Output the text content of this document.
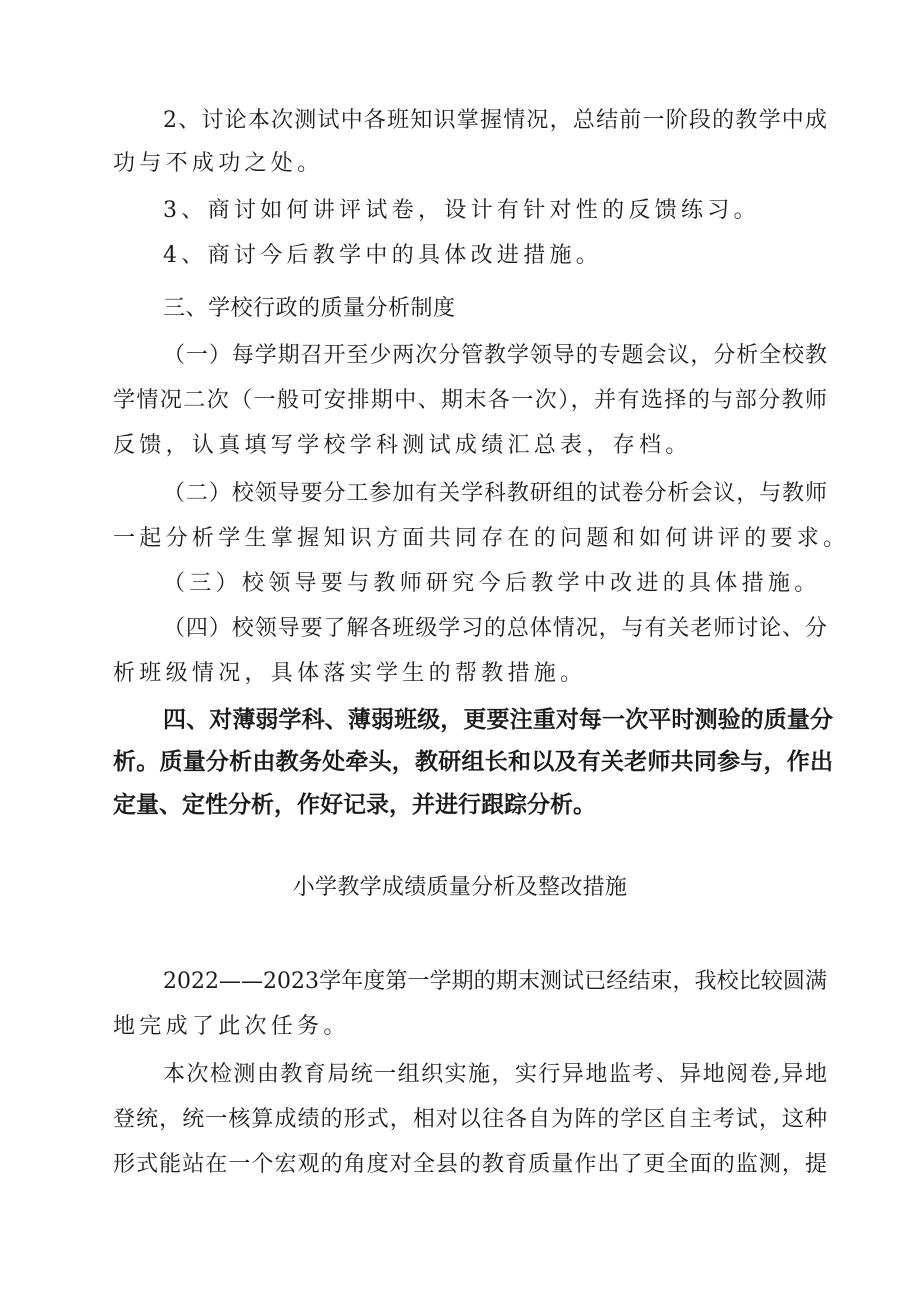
2、讨论本次测试中各班知识掌握情况，总结前一阶段的教学中成

功与不成功之处。

3、商讨如何讲评试卷，设计有针对性的反馈练习。

4、商讨今后教学中的具体改进措施。

三、学校行政的质量分析制度

（一）每学期召开至少两次分管教学领导的专题会议，分析全校教

学情况二次（一般可安排期中、期末各一次），并有选择的与部分教师

反馈，认真填写学校学科测试成绩汇总表，存档。

（二）校领导要分工参加有关学科教研组的试卷分析会议，与教师

一起分析学生掌握知识方面共同存在的问题和如何讲评的要求。

（三）校领导要与教师研究今后教学中改进的具体措施。

（四）校领导要了解各班级学习的总体情况，与有关老师讨论、分

析班级情况，具体落实学生的帮教措施。

四、对薄弱学科、薄弱班级，更要注重对每一次平时测验的质量分

析。质量分析由教务处牵头，教研组长和以及有关老师共同参与，作出

定量、定性分析，作好记录，并进行跟踪分析。

小学教学成绩质量分析及整改措施

2022——2023学年度第一学期的期末测试已经结束，我校比较圆满

地完成了此次任务。

本次检测由教育局统一组织实施，实行异地监考、异地阅卷,异地

登统，统一核算成绩的形式，相对以往各自为阵的学区自主考试，这种

形式能站在一个宏观的角度对全县的教育质量作出了更全面的监测，提
